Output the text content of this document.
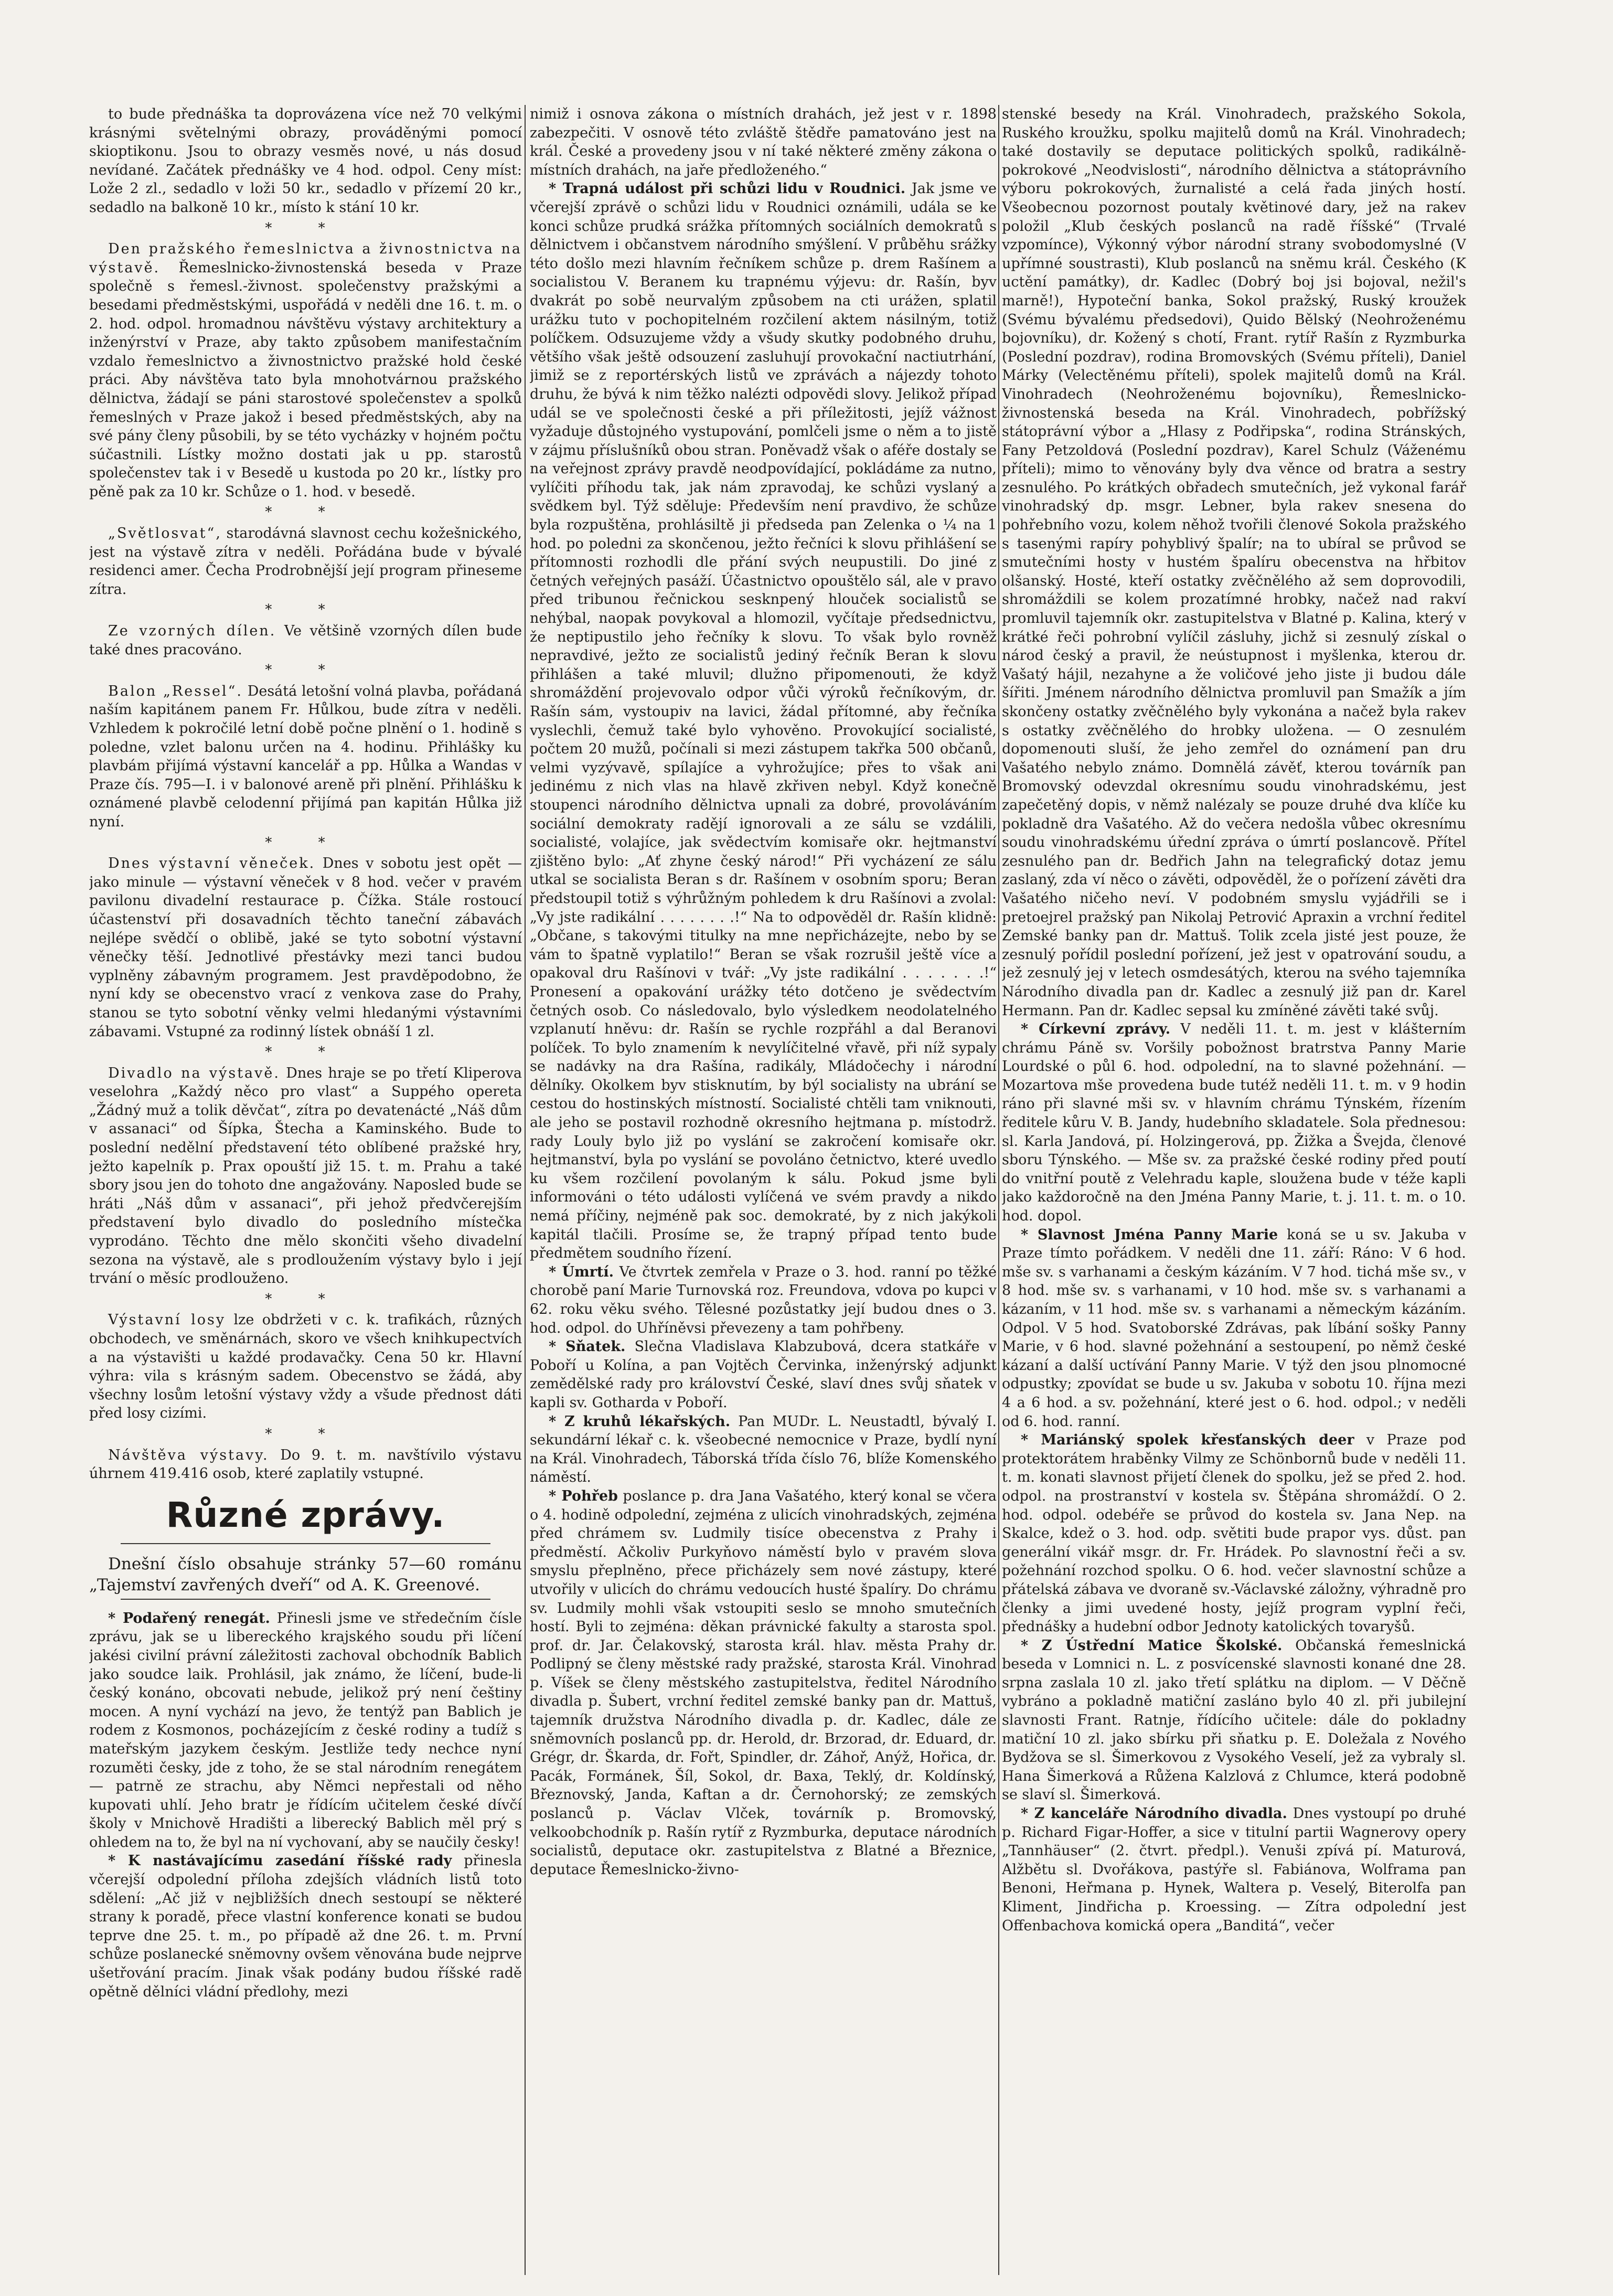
to bude přednáška ta doprovázena více než 70 velkými krásnými světelnými obrazy, prováděnými pomocí skioptikonu. Jsou to obrazy vesměs nové, u nás dosud nevídané. Začátek přednášky ve 4 hod. odpol. Ceny míst: Lože 2 zl., sedadlo v loži 50 kr., sedadlo v přízemí 20 kr., sedadlo na balkoně 10 kr., místo k stání 10 kr.

* *

Den pražského řemeslnictva a živnostnictva na výstavě. Řemeslnicko-živnostenská beseda v Praze společně s řemesl.-živnost. společenstvy pražskými a besedami předměstskými, uspořádá v neděli dne 16. t. m. o 2. hod. odpol. hromadnou návštěvu výstavy architektury a inženýrství v Praze, aby takto způsobem manifestačním vzdalo řemeslnictvo a živnostnictvo pražské hold české práci. Aby návštěva tato byla mnohotvárnou pražského dělnictva, žádají se páni starostové společenstev a spolků řemeslných v Praze jakož i besed předměstských, aby na své pány členy působili, by se této vycházky v hojném počtu súčastnili. Lístky možno dostati jak u pp. starostů společenstev tak i v Besedě u kustoda po 20 kr., lístky pro pěně pak za 10 kr. Schůze o 1. hod. v besedě.

* *

„Světlosvat“, starodávná slavnost cechu kožešnického, jest na výstavě zítra v neděli. Pořádána bude v bývalé residenci amer. Čecha Prodrobnější její program přineseme zítra.

* *

Ze vzorných dílen. Ve většině vzorných dílen bude také dnes pracováno.

* *

Balon „Ressel“. Desátá letošní volná plavba, pořádaná naším kapitánem panem Fr. Hůlkou, bude zítra v neděli. Vzhledem k pokročilé letní době počne plnění o 1. hodině s poledne, vzlet balonu určen na 4. hodinu. Přihlášky ku plavbám přijímá výstavní kancelář a pp. Hůlka a Wandas v Praze čís. 795—I. i v balonové areně při plnění. Přihlášku k oznámené plavbě celodenní přijímá pan kapitán Hůlka již nyní.

* *

Dnes výstavní věneček. Dnes v sobotu jest opět — jako minule — výstavní věneček v 8 hod. večer v pravém pavilonu divadelní restaurace p. Čížka. Stále rostoucí účastenství při dosavadních těchto taneční zábavách nejlépe svědčí o oblibě, jaké se tyto sobotní výstavní věnečky těší. Jednotlivé přestávky mezi tanci budou vyplněny zábavným programem. Jest pravděpodobno, že nyní kdy se obecenstvo vrací z venkova zase do Prahy, stanou se tyto sobotní věnky velmi hledanými výstavními zábavami. Vstupné za rodinný lístek obnáší 1 zl.

* *

Divadlo na výstavě. Dnes hraje se po třetí Kliperova veselohra „Každý něco pro vlast“ a Suppého opereta „Žádný muž a tolik děvčat“, zítra po devatenácté „Náš dům v assanaci“ od Šípka, Štecha a Kaminského. Bude to poslední nedělní představení této oblíbené pražské hry, ježto kapelník p. Prax opouští již 15. t. m. Prahu a také sbory jsou jen do tohoto dne angažovány. Naposled bude se hráti „Náš dům v assanaci“, při jehož předvčerejším představení bylo divadlo do posledního místečka vyprodáno. Těchto dne mělo skončiti všeho divadelní sezona na výstavě, ale s prodloužením výstavy bylo i její trvání o měsíc prodlouženo.

* *

Výstavní losy lze obdržeti v c. k. trafikách, různých obchodech, ve směnárnách, skoro ve všech knihkupectvích a na výstavišti u každé prodavačky. Cena 50 kr. Hlavní výhra: vila s krásným sadem. Obecenstvo se žádá, aby všechny losům letošní výstavy vždy a všude přednost dáti před losy cizími.

* *

Návštěva výstavy. Do 9. t. m. navštívilo výstavu úhrnem 419.416 osob, které zaplatily vstupné.

Různé zprávy.

Dnešní číslo obsahuje stránky 57—60 románu „Tajemství zavřených dveří“ od A. K. Greenové.

* Podařený renegát. Přinesli jsme ve středečním čísle zprávu, jak se u libereckého krajského soudu při líčení jakési civilní právní záležitosti zachoval obchodník Bablich jako soudce laik. Prohlásil, jak známo, že líčení, bude-li český konáno, obcovati nebude, jelikož prý není češtiny mocen. A nyní vychází na jevo, že tentýž pan Bablich je rodem z Kosmonos, pocházejícím z české rodiny a tudíž s mateřským jazykem českým. Jestliže tedy nechce nyní rozuměti česky, jde z toho, že se stal národním renegátem — patrně ze strachu, aby Němci nepřestali od něho kupovati uhlí. Jeho bratr je řídícím učitelem české dívčí školy v Mnichově Hradišti a liberecký Bablich měl prý s ohledem na to, že byl na ní vychovaní, aby se naučily česky!

* K nastávajícímu zasedání říšské rady přinesla včerejší odpolední příloha zdejších vládních listů toto sdělení: „Ač již v nejbližších dnech sestoupí se některé strany k poradě, přece vlastní konference konati se budou teprve dne 25. t. m., po případě až dne 26. t. m. První schůze poslanecké sněmovny ovšem věnována bude nejprve ušetřování pracím. Jinak však podány budou říšské radě opětně dělníci vládní předlohy, mezi

nimiž i osnova zákona o místních drahách, jež jest v r. 1898 zabezpečiti. V osnově této zvláště štědře pamatováno jest na král. České a provedeny jsou v ní také některé změny zákona o místních drahách, na jaře předloženého.“

* Trapná událost při schůzi lidu v Roudnici. Jak jsme ve včerejší zprávě o schůzi lidu v Roudnici oznámili, udála se ke konci schůze prudká srážka přítomných sociálních demokratů s dělnictvem i občanstvem národního smýšlení. V průběhu srážky této došlo mezi hlavním řečníkem schůze p. drem Rašínem a socialistou V. Beranem ku trapnému výjevu: dr. Rašín, byv dvakrát po sobě neurvalým způsobem na cti urážen, splatil urážku tuto v pochopitelném rozčilení aktem násilným, totiž políčkem. Odsuzujeme vždy a všudy skutky podobného druhu, většího však ještě odsouzení zasluhují provokační nactiutrhání, jimiž se z reportérských listů ve zprávách a nájezdy tohoto druhu, že bývá k nim těžko nalézti odpovědi slovy. Jelikož případ udál se ve společnosti české a při příležitosti, jejíž vážnost vyžaduje důstojného vystupování, pomlčeli jsme o něm a to jistě v zájmu příslušníků obou stran. Poněvadž však o aféře dostaly se na veřejnost zprávy pravdě neodpovídající, pokládáme za nutno, vylíčiti příhodu tak, jak nám zpravodaj, ke schůzi vyslaný a svědkem byl. Týž sděluje: Především není pravdivo, že schůze byla rozpuštěna, prohlásiltě ji předseda pan Zelenka o ¼ na 1 hod. po poledni za skončenou, ježto řečníci k slovu přihlášení se přítomnosti rozhodli dle přání svých neupustili. Do jiné z četných veřejných pasáží. Účastnictvo opouštělo sál, ale v pravo před tribunou řečnickou sesknpený hlouček socialistů se nehýbal, naopak povykoval a hlomozil, vyčítaje předsednictvu, že neptipustilo jeho řečníky k slovu. To však bylo rovněž nepravdivé, ježto ze socialistů jediný řečník Beran k slovu přihlášen a také mluvil; dlužno připomenouti, že když shromáždění projevovalo odpor vůči výroků řečníkovým, dr. Rašín sám, vystoupiv na lavici, žádal přítomné, aby řečníka vyslechli, čemuž také bylo vyhověno. Provokující socialisté, počtem 20 mužů, počínali si mezi zástupem takřka 500 občanů, velmi vyzývavě, spílajíce a vyhrožujíce; přes to však ani jedinému z nich vlas na hlavě zkřiven nebyl. Když konečně stoupenci národního dělnictva upnali za dobré, provoláváním sociální demokraty radějí ignorovali a ze sálu se vzdálili, socialisté, volajíce, jak svědectvím komisaře okr. hejtmanství zjištěno bylo: „Ať zhyne český národ!“ Při vycházení ze sálu utkal se socialista Beran s dr. Rašínem v osobním sporu; Beran předstoupil totiž s výhrůžným pohledem k dru Rašínovi a zvolal: „Vy jste radikální . . . . . . . .!“ Na to odpověděl dr. Rašín klidně: „Občane, s takovými titulky na mne nepřicházejte, nebo by se vám to špatně vyplatilo!“ Beran se však rozrušil ještě více a opakoval dru Rašínovi v tvář: „Vy jste radikální . . . . . . .!“ Pronesení a opakování urážky této dotčeno je svědectvím četných osob. Co následovalo, bylo výsledkem neodolatelného vzplanutí hněvu: dr. Rašín se rychle rozpřáhl a dal Beranovi políček. To bylo znamením k nevylíčitelné vřavě, při níž sypaly se nadávky na dra Rašína, radikály, Mládočechy i národní dělníky. Okolkem byv stisknutím, by býl socialisty na ubrání se cestou do hostinských místností. Socialisté chtěli tam vniknouti, ale jeho se postavil rozhodně okresního hejtmana p. místodrž. rady Louly bylo již po vyslání se zakročení komisaře okr. hejtmanství, byla po vyslání se povoláno četnictvo, které uvedlo ku všem rozčilení povolaným k sálu. Pokud jsme byli informováni o této události vylíčená ve svém pravdy a nikdo nemá příčiny, nejméně pak soc. demokraté, by z nich jakýkoli kapitál tlačili. Prosíme se, že trapný případ tento bude předmětem soudního řízení.

* Úmrtí. Ve čtvrtek zemřela v Praze o 3. hod. ranní po těžké chorobě paní Marie Turnovská roz. Freundova, vdova po kupci v 62. roku věku svého. Tělesné pozůstatky její budou dnes o 3. hod. odpol. do Uhříněvsi převezeny a tam pohřbeny.

* Sňatek. Slečna Vladislava Klabzubová, dcera statkáře v Poboří u Kolína, a pan Vojtěch Červinka, inženýrský adjunkt zemědělské rady pro království České, slaví dnes svůj sňatek v kapli sv. Gotharda v Poboří.

* Z kruhů lékařských. Pan MUDr. L. Neustadtl, bývalý I. sekundární lékař c. k. všeobecné nemocnice v Praze, bydlí nyní na Král. Vinohradech, Táborská třída číslo 76, blíže Komenského náměstí.

* Pohřeb poslance p. dra Jana Vašatého, který konal se včera o 4. hodině odpolední, zejména z ulicích vinohradských, zejména před chrámem sv. Ludmily tisíce obecenstva z Prahy i předměstí. Ačkoliv Purkyňovo náměstí bylo v pravém slova smyslu přeplněno, přece přicházely sem nové zástupy, které utvořily v ulicích do chrámu vedoucích husté špalíry. Do chrámu sv. Ludmily mohli však vstoupiti seslo se mnoho smutečních hostí. Byli to zejména: děkan právnické fakulty a starosta spol. prof. dr. Jar. Čelakovský, starosta král. hlav. města Prahy dr. Podlipný se členy městské rady pražské, starosta Král. Vinohrad p. Víšek se členy městského zastupitelstva, ředitel Národního divadla p. Šubert, vrchní ředitel zemské banky pan dr. Mattuš, tajemník družstva Národního divadla p. dr. Kadlec, dále ze sněmovních poslanců pp. dr. Herold, dr. Brzorad, dr. Eduard, dr. Grégr, dr. Škarda, dr. Fořt, Spindler, dr. Záhoř, Anýž, Hořica, dr. Pacák, Formánek, Šíl, Sokol, dr. Baxa, Teklý, dr. Koldínský, Březnovský, Janda, Kaftan a dr. Černohorský; ze zemských poslanců p. Václav Vlček, továrník p. Bromovský, velkoobchodník p. Rašín rytíř z Ryzmburka, deputace národních socialistů, deputace okr. zastupitelstva z Blatné a Březnice, deputace Řemeslnicko-živno-

stenské besedy na Král. Vinohradech, pražského Sokola, Ruského kroužku, spolku majitelů domů na Král. Vinohradech; také dostavily se deputace politických spolků, radikálně-pokrokové „Neodvislosti“, národního dělnictva a státoprávního výboru pokrokových, žurnalisté a celá řada jiných hostí. Všeobecnou pozornost poutaly květinové dary, jež na rakev položil „Klub českých poslanců na radě říšské“ (Trvalé vzpomínce), Výkonný výbor národní strany svobodomyslné (V upřímné soustrasti), Klub poslanců na sněmu král. Českého (K uctění památky), dr. Kadlec (Dobrý boj jsi bojoval, nežil's marně!), Hypoteční banka, Sokol pražský, Ruský kroužek (Svému bývalému předsedovi), Quido Bělský (Neohroženému bojovníku), dr. Kožený s chotí, Frant. rytíř Rašín z Ryzmburka (Poslední pozdrav), rodina Bromovských (Svému příteli), Daniel Márky (Velectěnému příteli), spolek majitelů domů na Král. Vinohradech (Neohroženému bojovníku), Řemeslnicko-živnostenská beseda na Král. Vinohradech, pobřížský státoprávní výbor a „Hlasy z Podřipska“, rodina Stránských, Fany Petzoldová (Poslední pozdrav), Karel Schulz (Váženému příteli); mimo to věnovány byly dva věnce od bratra a sestry zesnulého. Po krátkých obřadech smutečních, jež vykonal farář vinohradský dp. msgr. Lebner, byla rakev snesena do pohřebního vozu, kolem něhož tvořili členové Sokola pražského s tasenými rapíry pohyblivý špalír; na to ubíral se průvod se smutečními hosty v hustém špalíru obecenstva na hřbitov olšanský. Hosté, kteří ostatky zvěčnělého až sem doprovodili, shromáždili se kolem prozatímné hrobky, načež nad rakví promluvil tajemník okr. zastupitelstva v Blatné p. Kalina, který v krátké řeči pohrobní vylíčil zásluhy, jichž si zesnulý získal o národ český a pravil, že neústupnost i myšlenka, kterou dr. Vašatý hájil, nezahyne a že voličové jeho jiste ji budou dále šířiti. Jménem národního dělnictva promluvil pan Smažík a jím skončeny ostatky zvěčnělého byly vykonána a načež byla rakev s ostatky zvěčnělého do hrobky uložena. — O zesnulém dopomenouti sluší, že jeho zemřel do oznámení pan dru Vašatého nebylo známo. Domnělá závěť, kterou továrník pan Bromovský odevzdal okresnímu soudu vinohradskému, jest zapečetěný dopis, v němž nalézaly se pouze druhé dva klíče ku pokladně dra Vašatého. Až do večera nedošla vůbec okresnímu soudu vinohradskému úřední zpráva o úmrtí poslancově. Přítel zesnulého pan dr. Bedřich Jahn na telegrafický dotaz jemu zaslaný, zda ví něco o závěti, odpověděl, že o pořízení závěti dra Vašatého ničeho neví. V podobném smyslu vyjádřili se i pretoejrel pražský pan Nikolaj Petrović Apraxin a vrchní ředitel Zemské banky pan dr. Mattuš. Tolik zcela jisté jest pouze, že zesnulý pořídil poslední pořízení, jež jest v opatrování soudu, a jež zesnulý jej v letech osmdesátých, kterou na svého tajemníka Národního divadla pan dr. Kadlec a zesnulý již pan dr. Karel Hermann. Pan dr. Kadlec sepsal ku zmíněné závěti také svůj.

* Církevní zprávy. V neděli 11. t. m. jest v klášterním chrámu Páně sv. Voršily pobožnost bratrstva Panny Marie Lourdské o půl 6. hod. odpolední, na to slavné požehnání. — Mozartova mše provedena bude tutéž neděli 11. t. m. v 9 hodin ráno při slavné mši sv. v hlavním chrámu Týnském, řízením ředitele kůru V. B. Jandy, hudebního skladatele. Sola přednesou: sl. Karla Jandová, pí. Holzingerová, pp. Žižka a Švejda, členové sboru Týnského. — Mše sv. za pražské české rodiny před poutí do vnitřní poutě z Velehradu kaple, sloužena bude v téže kapli jako každoročně na den Jména Panny Marie, t. j. 11. t. m. o 10. hod. dopol.

* Slavnost Jména Panny Marie koná se u sv. Jakuba v Praze tímto pořádkem. V neděli dne 11. září: Ráno: V 6 hod. mše sv. s varhanami a českým kázáním. V 7 hod. tichá mše sv., v 8 hod. mše sv. s varhanami, v 10 hod. mše sv. s varhanami a kázaním, v 11 hod. mše sv. s varhanami a německým kázáním. Odpol. V 5 hod. Svatoborské Zdrávas, pak líbání sošky Panny Marie, v 6 hod. slavné požehnání a sestoupení, po němž české kázaní a další uctívání Panny Marie. V týž den jsou plnomocné odpustky; zpovídat se bude u sv. Jakuba v sobotu 10. října mezi 4 a 6 hod. a sv. požehnání, které jest o 6. hod. odpol.; v neděli od 6. hod. ranní.

* Mariánský spolek křesťanských deer v Praze pod protektorátem hraběnky Vilmy ze Schönbornů bude v neděli 11. t. m. konati slavnost přijetí členek do spolku, jež se před 2. hod. odpol. na prostranství v kostela sv. Štěpána shromáždí. O 2. hod. odpol. odebéře se průvod do kostela sv. Jana Nep. na Skalce, kdež o 3. hod. odp. světiti bude prapor vys. důst. pan generální vikář msgr. dr. Fr. Hrádek. Po slavnostní řeči a sv. požehnání rozchod spolku. O 6. hod. večer slavnostní schůze a přátelská zábava ve dvoraně sv.-Václavské záložny, výhradně pro členky a jimi uvedené hosty, jejíž program vyplní řeči, přednášky a hudební odbor Jednoty katolických tovaryšů.

* Z Ústřední Matice Školské. Občanská řemeslnická beseda v Lomnici n. L. z posvícenské slavnosti konané dne 28. srpna zaslala 10 zl. jako třetí splátku na diplom. — V Děčně vybráno a pokladně matiční zasláno bylo 40 zl. při jubilejní slavnosti Frant. Ratnje, řídícího učitele: dále do pokladny matiční 10 zl. jako sbírku při sňatku p. E. Doležala z Nového Bydžova se sl. Šimerkovou z Vysokého Veselí, jež za vybraly sl. Hana Šimerková a Růžena Kalzlová z Chlumce, která podobně se slaví sl. Šimerková.

* Z kanceláře Národního divadla. Dnes vystoupí po druhé p. Richard Figar-Hoffer, a sice v titulní partii Wagnerovy opery „Tannhäuser“ (2. čtvrt. předpl.). Venuši zpívá pí. Maturová, Alžbětu sl. Dvořákova, pastýře sl. Fabiánova, Wolframa pan Benoni, Heřmana p. Hynek, Waltera p. Veselý, Biterolfa pan Kliment, Jindřicha p. Kroessing. — Zítra odpolední jest Offenbachova komická opera „Banditá“, večer
